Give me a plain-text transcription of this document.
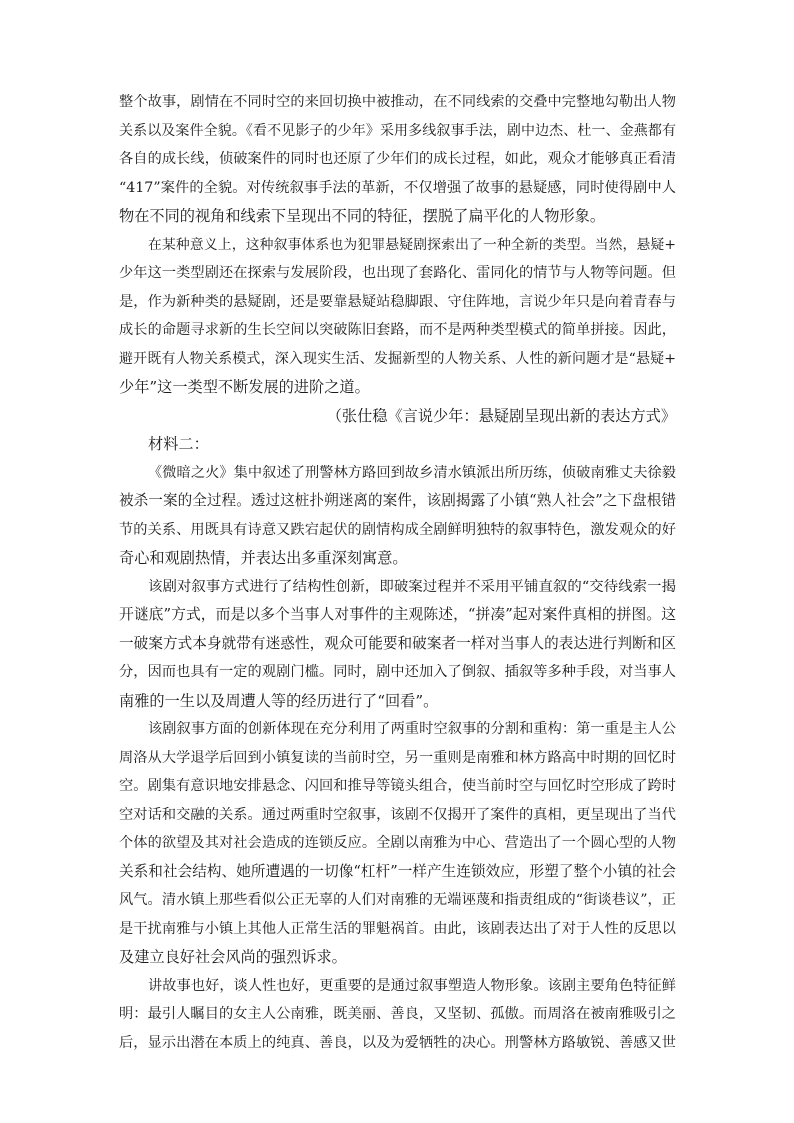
整个故事，剧情在不同时空的来回切换中被推动，在不同线索的交叠中完整地勾勒出人物
关系以及案件全貌。《看不见影子的少年》采用多线叙事手法，剧中边杰、杜一、金燕都有
各自的成长线，侦破案件的同时也还原了少年们的成长过程，如此，观众才能够真正看清
“417”案件的全貌。对传统叙事手法的革新，不仅增强了故事的悬疑感，同时使得剧中人
物在不同的视角和线索下呈现出不同的特征，摆脱了扁平化的人物形象。
在某种意义上，这种叙事体系也为犯罪悬疑剧探索出了一种全新的类型。当然，悬疑+
少年这一类型剧还在探索与发展阶段，也出现了套路化、雷同化的情节与人物等问题。但
是，作为新种类的悬疑剧，还是要靠悬疑站稳脚跟、守住阵地，言说少年只是向着青春与
成长的命题寻求新的生长空间以突破陈旧套路，而不是两种类型模式的简单拼接。因此，
避开既有人物关系模式，深入现实生活、发掘新型的人物关系、人性的新问题才是“悬疑+
少年”这一类型不断发展的进阶之道。
（张仕稳《言说少年：悬疑剧呈现出新的表达方式》
材料二：
《微暗之火》集中叙述了刑警林方路回到故乡清水镇派出所历练，侦破南雅丈夫徐毅
被杀一案的全过程。透过这桩扑朔迷离的案件，该剧揭露了小镇“熟人社会”之下盘根错
节的关系、用既具有诗意又跌宕起伏的剧情构成全剧鲜明独特的叙事特色，激发观众的好
奇心和观剧热情，并表达出多重深刻寓意。
该剧对叙事方式进行了结构性创新，即破案过程并不采用平铺直叙的“交待线索一揭
开谜底”方式，而是以多个当事人对事件的主观陈述，“拼凑”起对案件真相的拼图。这
一破案方式本身就带有迷惑性，观众可能要和破案者一样对当事人的表达进行判断和区
分，因而也具有一定的观剧门槛。同时，剧中还加入了倒叙、插叙等多种手段，对当事人
南雅的一生以及周遭人等的经历进行了“回看”。
该剧叙事方面的创新体现在充分利用了两重时空叙事的分割和重构：第一重是主人公
周洛从大学退学后回到小镇复读的当前时空，另一重则是南雅和林方路高中时期的回忆时
空。剧集有意识地安排悬念、闪回和推导等镜头组合，使当前时空与回忆时空形成了跨时
空对话和交融的关系。通过两重时空叙事，该剧不仅揭开了案件的真相，更呈现出了当代
个体的欲望及其对社会造成的连锁反应。全剧以南雅为中心、营造出了一个圆心型的人物
关系和社会结构、她所遭遇的一切像“杠杆”一样产生连锁效应，形塑了整个小镇的社会
风气。清水镇上那些看似公正无辜的人们对南雅的无端诬蔑和指责组成的“街谈巷议”，正
是干扰南雅与小镇上其他人正常生活的罪魁祸首。由此，该剧表达出了对于人性的反思以
及建立良好社会风尚的强烈诉求。
讲故事也好，谈人性也好，更重要的是通过叙事塑造人物形象。该剧主要角色特征鲜
明：最引人瞩目的女主人公南雅，既美丽、善良，又坚韧、孤傲。而周洛在被南雅吸引之
后，显示出潜在本质上的纯真、善良，以及为爱牺牲的决心。刑警林方路敏锐、善感又世
